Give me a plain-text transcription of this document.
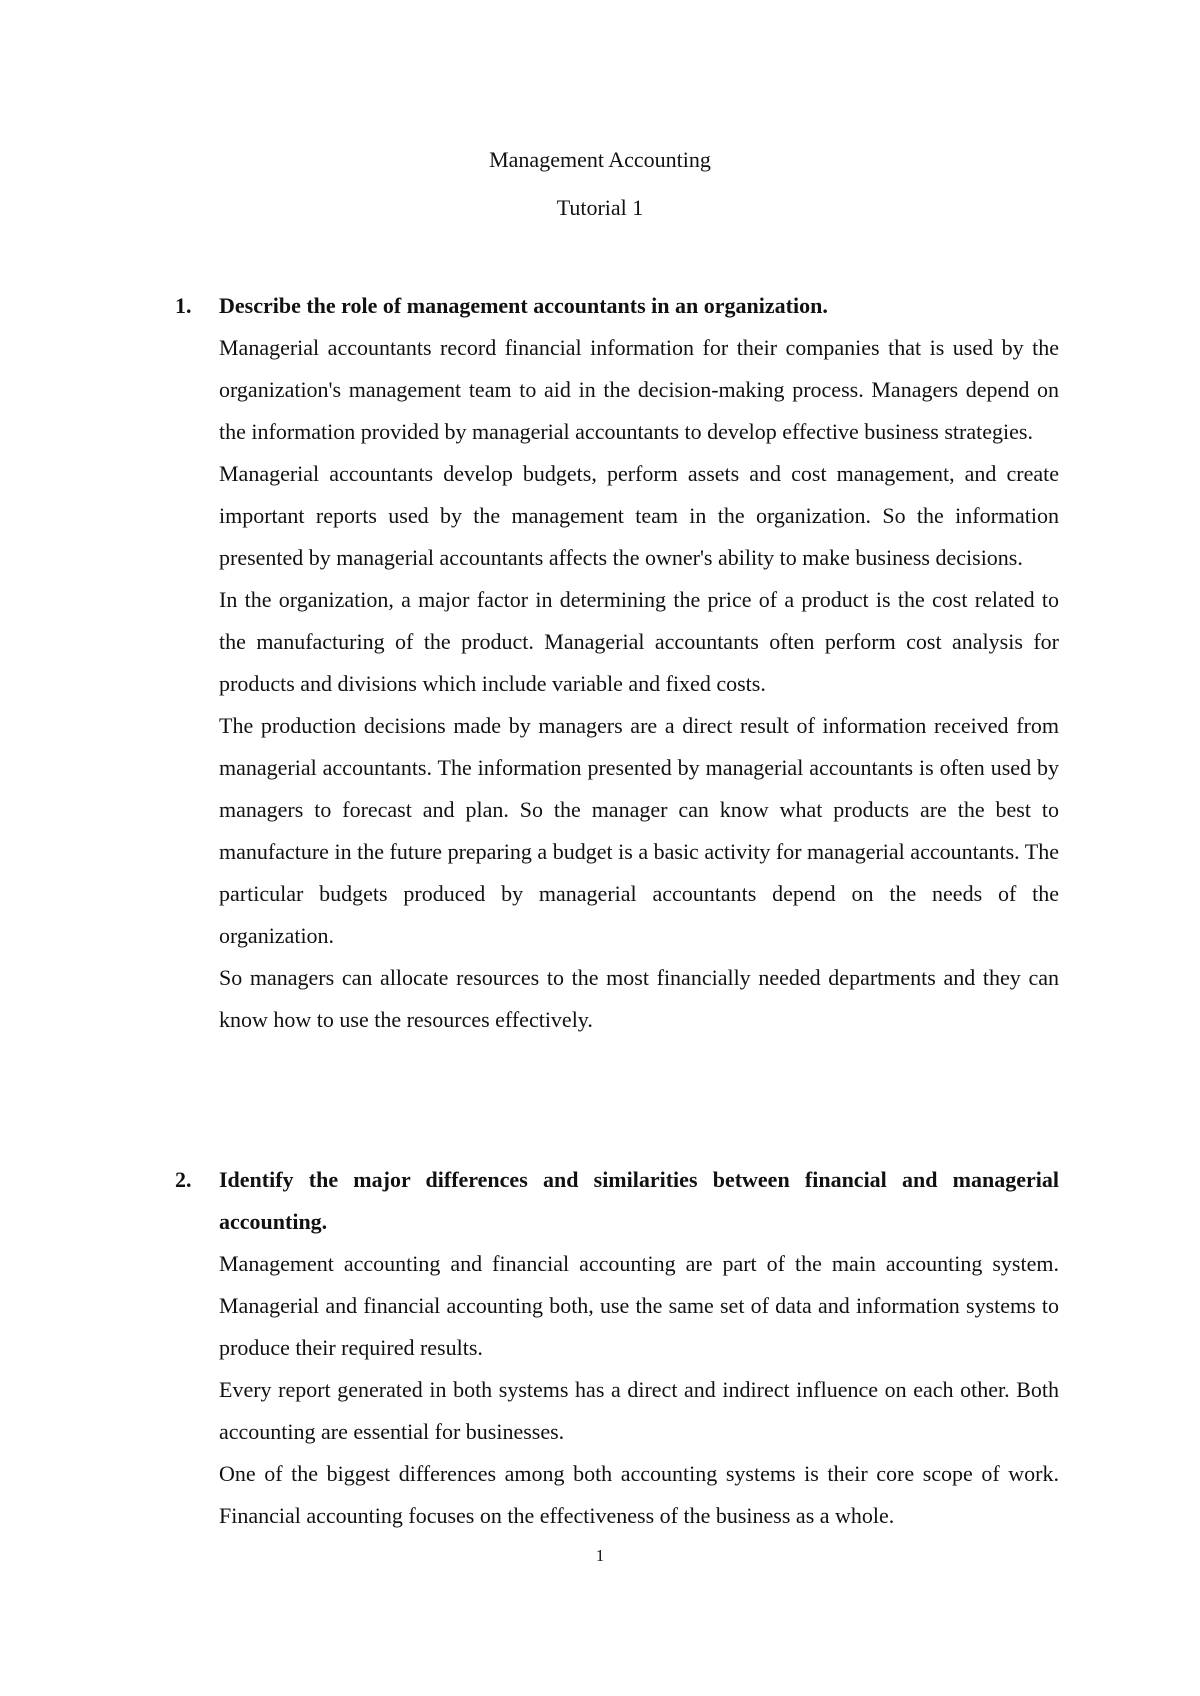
Management Accounting
Tutorial 1
1. Describe the role of management accountants in an organization.

Managerial accountants record financial information for their companies that is used by the organization's management team to aid in the decision-making process. Managers depend on the information provided by managerial accountants to develop effective business strategies.

Managerial accountants develop budgets, perform assets and cost management, and create important reports used by the management team in the organization. So the information presented by managerial accountants affects the owner's ability to make business decisions.

In the organization, a major factor in determining the price of a product is the cost related to the manufacturing of the product. Managerial accountants often perform cost analysis for products and divisions which include variable and fixed costs.

The production decisions made by managers are a direct result of information received from managerial accountants. The information presented by managerial accountants is often used by managers to forecast and plan. So the manager can know what products are the best to manufacture in the future preparing a budget is a basic activity for managerial accountants. The particular budgets produced by managerial accountants depend on the needs of the organization.

So managers can allocate resources to the most financially needed departments and they can know how to use the resources effectively.

2. Identify the major differences and similarities between financial and managerial accounting.

Management accounting and financial accounting are part of the main accounting system. Managerial and financial accounting both, use the same set of data and information systems to produce their required results.

Every report generated in both systems has a direct and indirect influence on each other. Both accounting are essential for businesses.

One of the biggest differences among both accounting systems is their core scope of work. Financial accounting focuses on the effectiveness of the business as a whole.

1
